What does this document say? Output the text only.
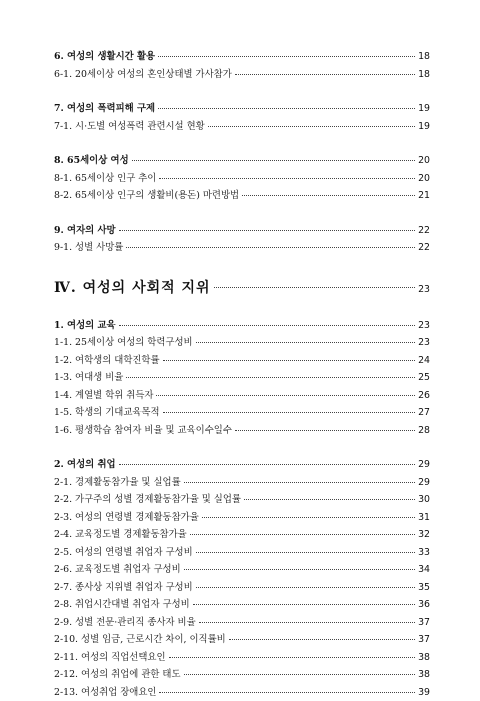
6. 여성의 생활시간 활용	18
6-1. 20세이상 여성의 혼인상태별 가사참가	18
7. 여성의 폭력피해 구제	19
7-1. 시·도별 여성폭력 관련시설 현황	19
8. 65세이상 여성	20
8-1. 65세이상 인구 추이	20
8-2. 65세이상 인구의 생활비(용돈) 마련방법	21
9. 여자의 사망	22
9-1. 성별 사망률	22
Ⅳ. 여성의 사회적 지위	23
1. 여성의 교육	23
1-1. 25세이상 여성의 학력구성비	23
1-2. 여학생의 대학진학률	24
1-3. 여대생 비율	25
1-4. 계열별 학위 취득자	26
1-5. 학생의 기대교육목적	27
1-6. 평생학습 참여자 비율 및 교육이수일수	28
2. 여성의 취업	29
2-1. 경제활동참가율 및 실업률	29
2-2. 가구주의 성별 경제활동참가율 및 실업률	30
2-3. 여성의 연령별 경제활동참가율	31
2-4. 교육정도별 경제활동참가율	32
2-5. 여성의 연령별 취업자 구성비	33
2-6. 교육정도별 취업자 구성비	34
2-7. 종사상 지위별 취업자 구성비	35
2-8. 취업시간대별 취업자 구성비	36
2-9. 성별 전문·관리직 종사자 비율	37
2-10. 성별 임금, 근로시간 차이, 이직률비	37
2-11. 여성의 직업선택요인	38
2-12. 여성의 취업에 관한 태도	38
2-13. 여성취업 장애요인	39
